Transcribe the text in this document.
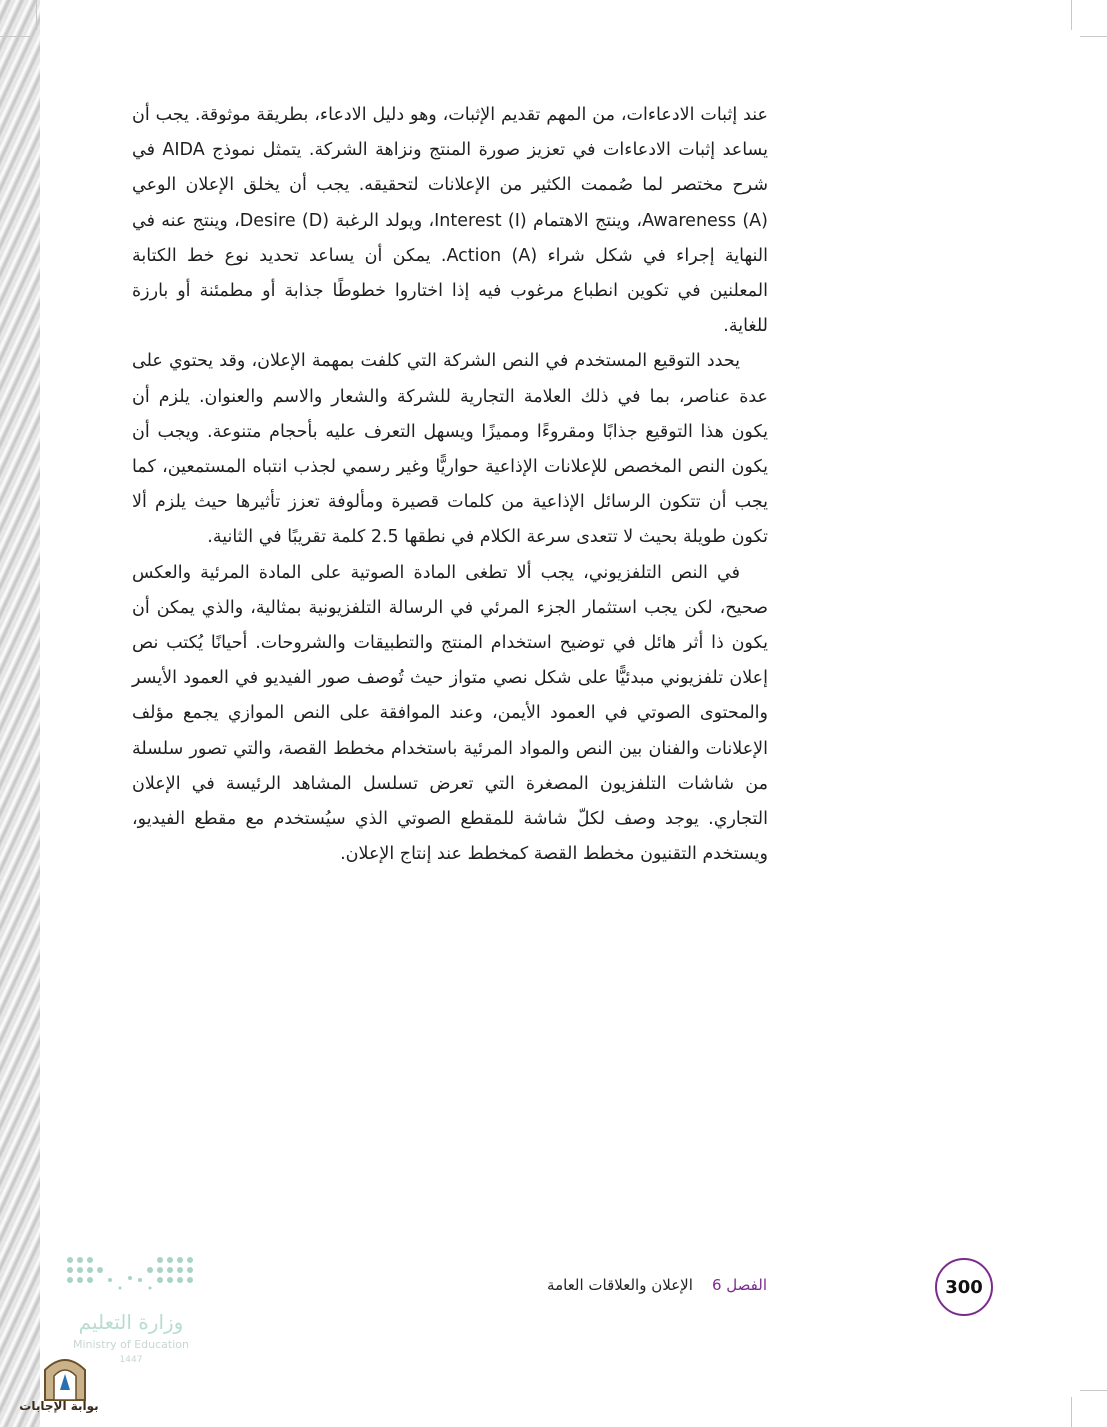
عند إثبات الادعاءات، من المهم تقديم الإثبات، وهو دليل الادعاء، بطريقة موثوقة. يجب أن يساعد إثبات الادعاءات في تعزيز صورة المنتج ونزاهة الشركة. يتمثل نموذج AIDA في شرح مختصر لما صُممت الكثير من الإعلانات لتحقيقه. يجب أن يخلق الإعلان الوعي Awareness (A)، وينتج الاهتمام Interest (I)، ويولد الرغبة Desire (D)، وينتج عنه في النهاية إجراء في شكل شراء Action (A). يمكن أن يساعد تحديد نوع خط الكتابة المعلنين في تكوين انطباع مرغوب فيه إذا اختاروا خطوطًا جذابة أو مطمئنة أو بارزة للغاية.

يحدد التوقيع المستخدم في النص الشركة التي كلفت بمهمة الإعلان، وقد يحتوي على عدة عناصر، بما في ذلك العلامة التجارية للشركة والشعار والاسم والعنوان. يلزم أن يكون هذا التوقيع جذابًا ومقروءًا ومميزًا ويسهل التعرف عليه بأحجام متنوعة. ويجب أن يكون النص المخصص للإعلانات الإذاعية حواريًّا وغير رسمي لجذب انتباه المستمعين، كما يجب أن تتكون الرسائل الإذاعية من كلمات قصيرة ومألوفة تعزز تأثيرها حيث يلزم ألا تكون طويلة بحيث لا تتعدى سرعة الكلام في نطقها 2.5 كلمة تقريبًا في الثانية.

في النص التلفزيوني، يجب ألا تطغى المادة الصوتية على المادة المرئية والعكس صحيح، لكن يجب استثمار الجزء المرئي في الرسالة التلفزيونية بمثالية، والذي يمكن أن يكون ذا أثر هائل في توضيح استخدام المنتج والتطبيقات والشروحات. أحيانًا يُكتب نص إعلان تلفزيوني مبدئيًّا على شكل نصي متواز حيث تُوصف صور الفيديو في العمود الأيسر والمحتوى الصوتي في العمود الأيمن، وعند الموافقة على النص الموازي يجمع مؤلف الإعلانات والفنان بين النص والمواد المرئية باستخدام مخطط القصة، والتي تصور سلسلة من شاشات التلفزيون المصغرة التي تعرض تسلسل المشاهد الرئيسة في الإعلان التجاري. يوجد وصف لكلّ شاشة للمقطع الصوتي الذي سيُستخدم مع مقطع الفيديو، ويستخدم التقنيون مخطط القصة كمخطط عند إنتاج الإعلان.

300
الفصل 6    الإعلان والعلاقات العامة
وزارة التعليم
Ministry of Education
1447
بوابة الإجابات
